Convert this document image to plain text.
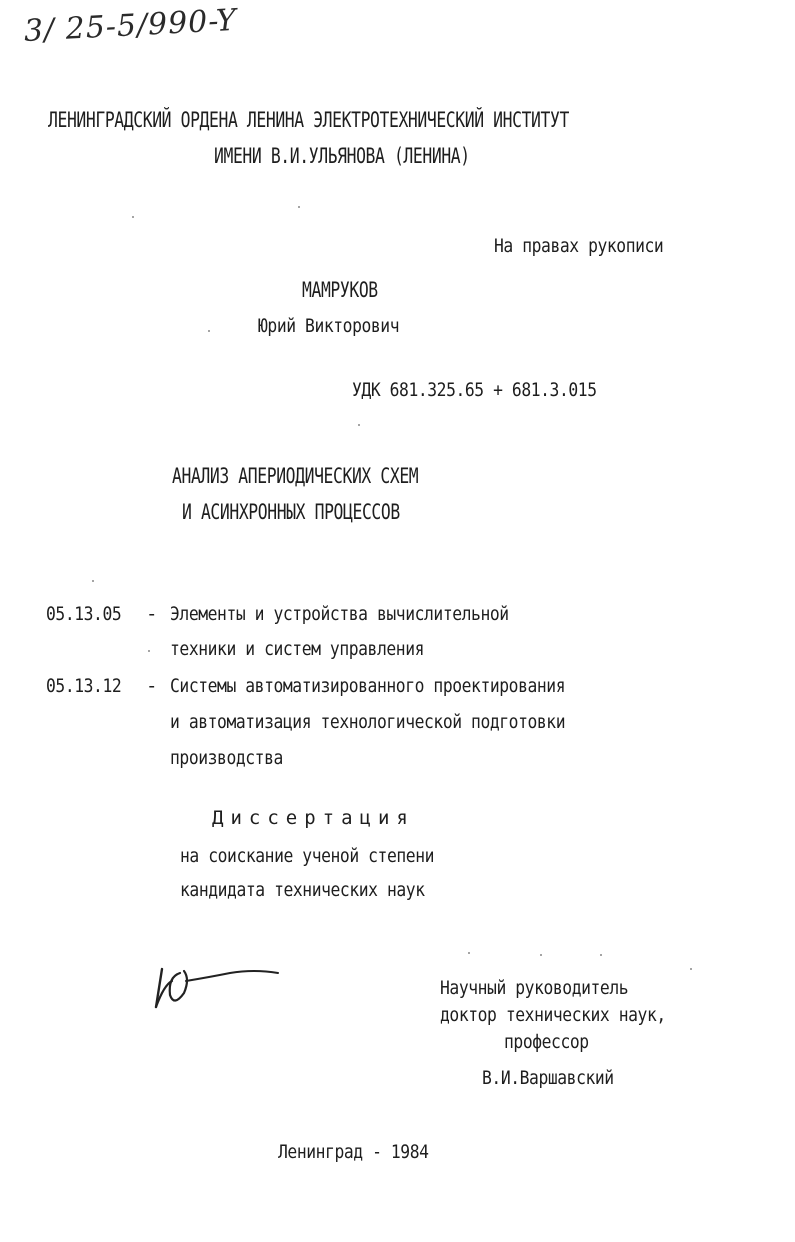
3/ 25-5/990-Y
ЛЕНИНГРАДСКИЙ ОРДЕНА ЛЕНИНА ЭЛЕКТРОТЕХНИЧЕСКИЙ ИНСТИТУТ
ИМЕНИ В.И.УЛЬЯНОВА (ЛЕНИНА)
На правах рукописи
МАМРУКОВ
Юрий Викторович
УДК 681.325.65 + 681.3.015
АНАЛИЗ АПЕРИОДИЧЕСКИХ СХЕМ
И АСИНХРОННЫХ ПРОЦЕССОВ
05.13.05 - Элементы и устройства вычислительной
техники и систем управления
05.13.12 - Системы автоматизированного проектирования
и автоматизация технологической подготовки
производства
Диссертация
на соискание ученой степени
кандидата технических наук
Научный руководитель
доктор технических наук,
профессор
В.И.Варшавский
Ленинград - 1984
